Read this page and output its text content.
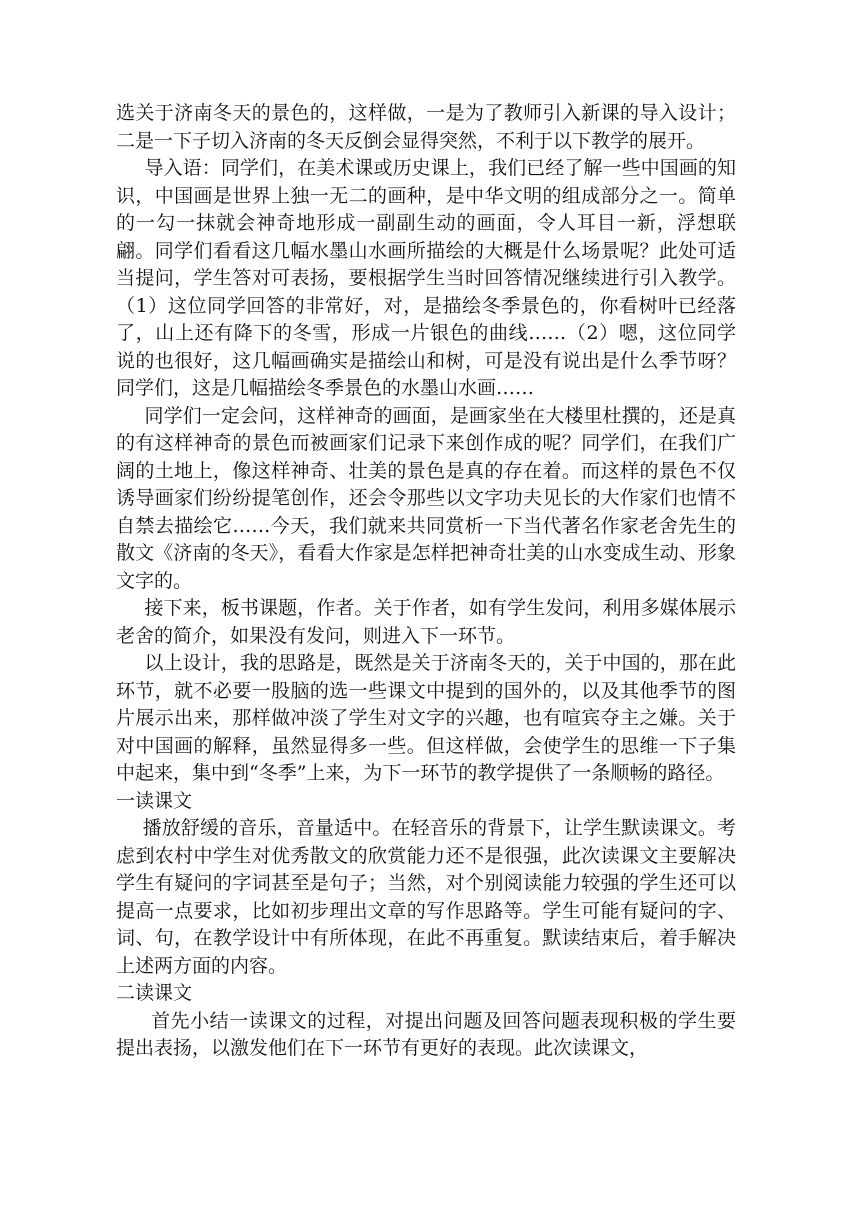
选关于济南冬天的景色的，这样做，一是为了教师引入新课的导入设计；二是一下子切入济南的冬天反倒会显得突然，不利于以下教学的展开。

导入语：同学们，在美术课或历史课上，我们已经了解一些中国画的知识，中国画是世界上独一无二的画种，是中华文明的组成部分之一。简单的一勾一抹就会神奇地形成一副副生动的画面，令人耳目一新，浮想联翩。同学们看看这几幅水墨山水画所描绘的大概是什么场景呢？此处可适当提问，学生答对可表扬，要根据学生当时回答情况继续进行引入教学。（1）这位同学回答的非常好，对，是描绘冬季景色的，你看树叶已经落了，山上还有降下的冬雪，形成一片银色的曲线……（2）嗯，这位同学说的也很好，这几幅画确实是描绘山和树，可是没有说出是什么季节呀？同学们，这是几幅描绘冬季景色的水墨山水画……

同学们一定会问，这样神奇的画面，是画家坐在大楼里杜撰的，还是真的有这样神奇的景色而被画家们记录下来创作成的呢？同学们，在我们广阔的土地上，像这样神奇、壮美的景色是真的存在着。而这样的景色不仅诱导画家们纷纷提笔创作，还会令那些以文字功夫见长的大作家们也情不自禁去描绘它……今天，我们就来共同赏析一下当代著名作家老舍先生的散文《济南的冬天》，看看大作家是怎样把神奇壮美的山水变成生动、形象文字的。

接下来，板书课题，作者。关于作者，如有学生发问，利用多媒体展示老舍的简介，如果没有发问，则进入下一环节。

以上设计，我的思路是，既然是关于济南冬天的，关于中国的，那在此环节，就不必要一股脑的选一些课文中提到的国外的，以及其他季节的图片展示出来，那样做冲淡了学生对文字的兴趣，也有喧宾夺主之嫌。关于对中国画的解释，虽然显得多一些。但这样做，会使学生的思维一下子集中起来，集中到“冬季”上来，为下一环节的教学提供了一条顺畅的路径。

一读课文

播放舒缓的音乐，音量适中。在轻音乐的背景下，让学生默读课文。考虑到农村中学生对优秀散文的欣赏能力还不是很强，此次读课文主要解决学生有疑问的字词甚至是句子；当然，对个别阅读能力较强的学生还可以提高一点要求，比如初步理出文章的写作思路等。学生可能有疑问的字、词、句，在教学设计中有所体现，在此不再重复。默读结束后，着手解决上述两方面的内容。

二读课文

首先小结一读课文的过程，对提出问题及回答问题表现积极的学生要提出表扬，以激发他们在下一环节有更好的表现。此次读课文，
